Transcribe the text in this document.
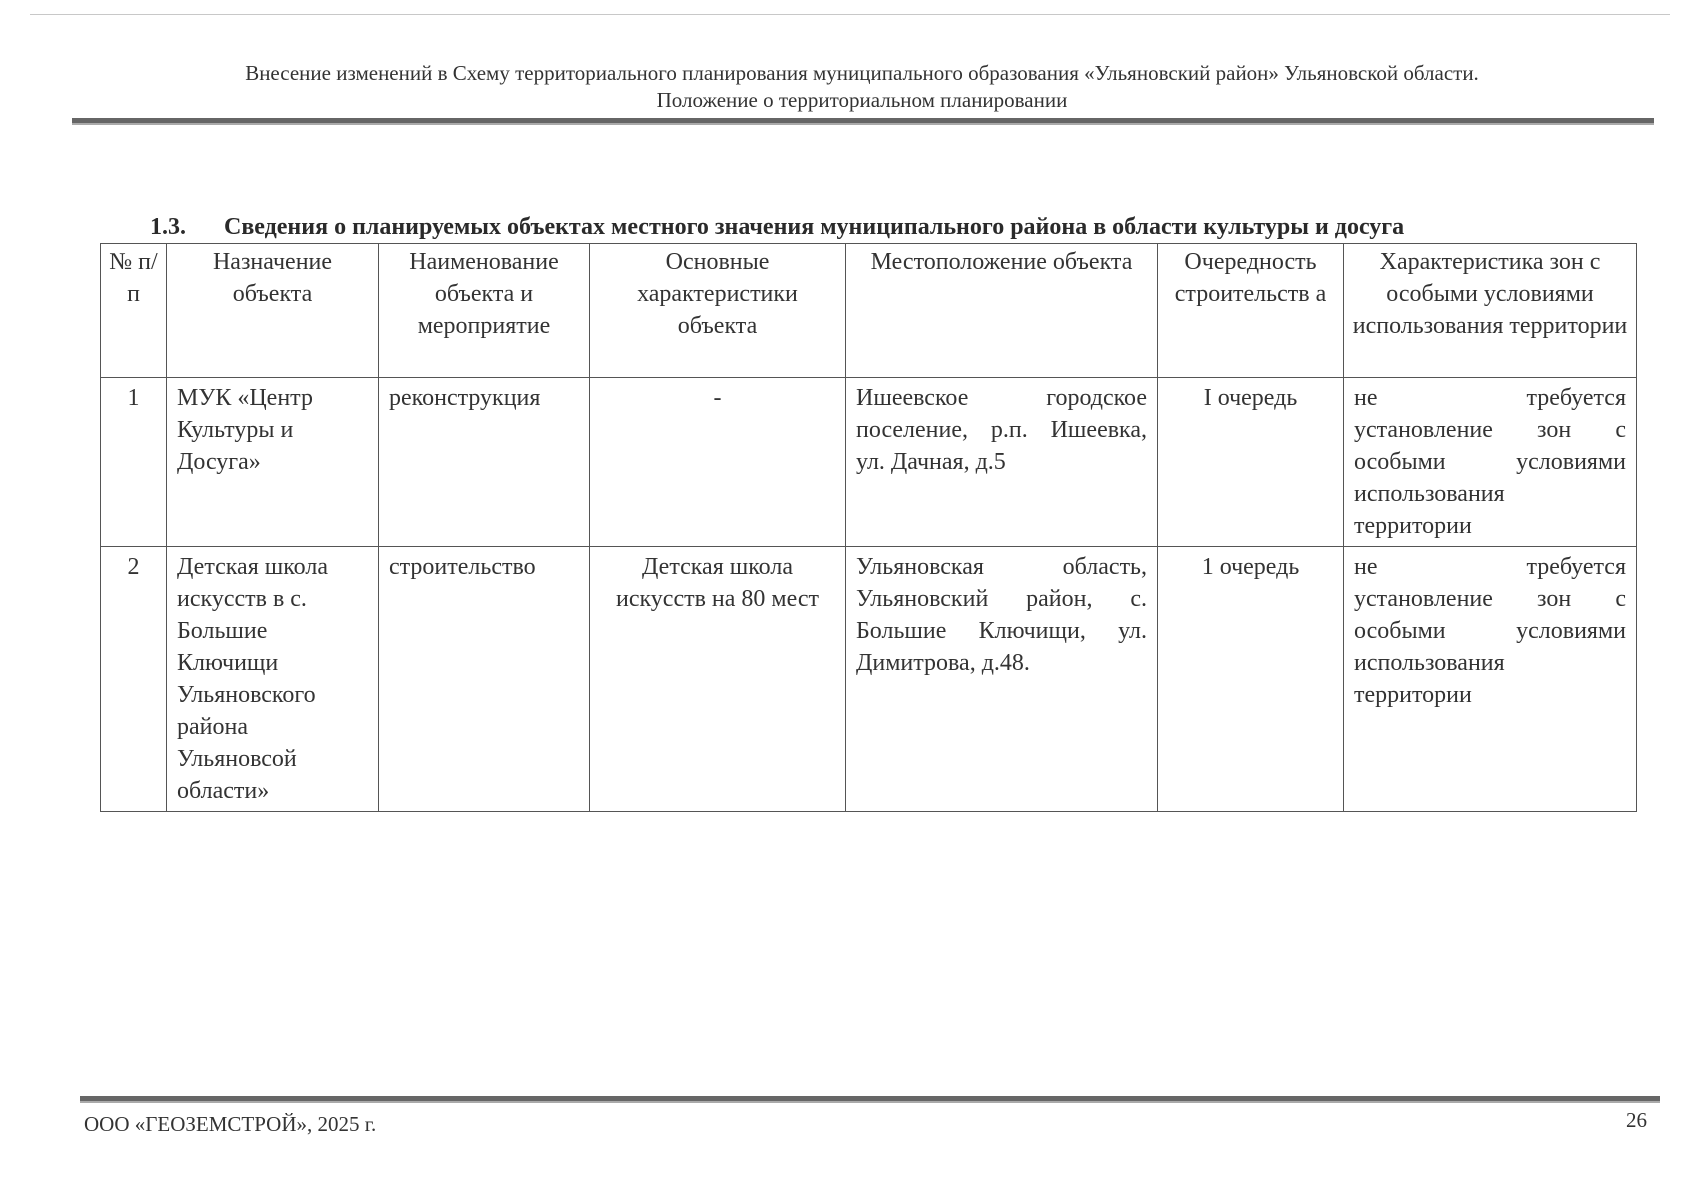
Внесение изменений в Схему территориального планирования муниципального образования «Ульяновский район» Ульяновской области.
Положение о территориальном планировании
1.3. Сведения о планируемых объектах местного значения муниципального района в области культуры и досуга
№ п/п	Назначение объекта	Наименование объекта и мероприятие	Основные характеристики объекта	Местоположение объекта	Очередность строительств а	Характеристика зон с особыми условиями использования территории
1	МУК «Центр Культуры и Досуга»	реконструкция	-	Ишеевское городское поселение, р.п. Ишеевка, ул. Дачная, д.5	I очередь	не требуется установление зон с особыми условиями использования территории
2	Детская школа искусств в с. Большие Ключищи Ульяновского района Ульяновсой области»	строительство	Детская школа искусств на 80 мест	Ульяновская область, Ульяновский район, с. Большие Ключищи, ул. Димитрова, д.48.	1 очередь	не требуется установление зон с особыми условиями использования территории
ООО «ГЕОЗЕМСТРОЙ», 2025 г.	26
